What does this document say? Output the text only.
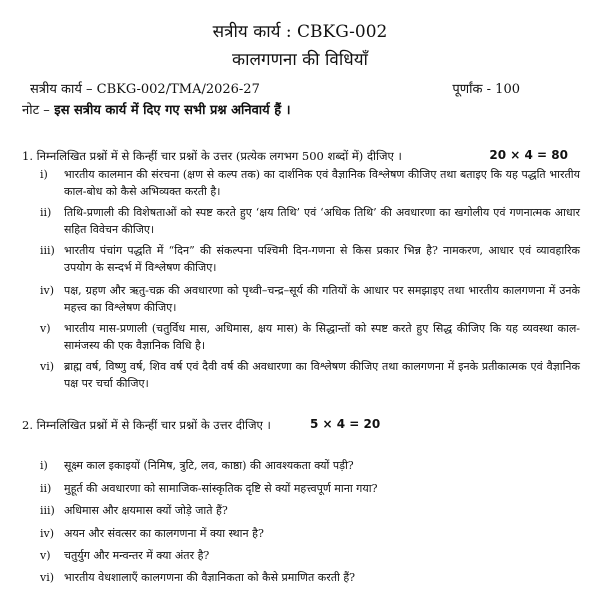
सत्रीय कार्य : CBKG-002
कालगणना की विधियाँ
सत्रीय कार्य – CBKG-002/TMA/2026-27	पूर्णांक - 100
नोट – इस सत्रीय कार्य में दिए गए सभी प्रश्न अनिवार्य हैं ।
1. निम्नलिखित प्रश्नों में से किन्हीं चार प्रश्नों के उत्तर (प्रत्येक लगभग 500 शब्दों में) दीजिए ।	20 × 4 = 80
i)	भारतीय कालमान की संरचना (क्षण से कल्प तक) का दार्शनिक एवं वैज्ञानिक विश्लेषण कीजिए तथा बताइए कि यह पद्धति भारतीय काल-बोध को कैसे अभिव्यक्त करती है।
ii)	तिथि-प्रणाली की विशेषताओं को स्पष्ट करते हुए ‘क्षय तिथि’ एवं ‘अधिक तिथि’ की अवधारणा का खगोलीय एवं गणनात्मक आधार सहित विवेचन कीजिए।
iii) भारतीय पंचांग पद्धति में “दिन” की संकल्पना पश्चिमी दिन-गणना से किस प्रकार भिन्न है? नामकरण, आधार एवं व्यावहारिक उपयोग के सन्दर्भ में विश्लेषण कीजिए।
iv) पक्ष, ग्रहण और ऋतु-चक्र की अवधारणा को पृथ्वी–चन्द्र–सूर्य की गतियों के आधार पर समझाइए तथा भारतीय कालगणना में उनके महत्त्व का विश्लेषण कीजिए।
v)	भारतीय मास-प्रणाली (चतुर्विध मास, अधिमास, क्षय मास) के सिद्धान्तों को स्पष्ट करते हुए सिद्ध कीजिए कि यह व्यवस्था काल-सामंजस्य की एक वैज्ञानिक विधि है।
vi) ब्राह्म वर्ष, विष्णु वर्ष, शिव वर्ष एवं दैवी वर्ष की अवधारणा का विश्लेषण कीजिए तथा कालगणना में इनके प्रतीकात्मक एवं वैज्ञानिक पक्ष पर चर्चा कीजिए।
2. निम्नलिखित प्रश्नों में से किन्हीं चार प्रश्नों के उत्तर दीजिए ।	5 × 4 = 20
i)	सूक्ष्म काल इकाइयों (निमिष, त्रुटि, लव, काष्ठा) की आवश्यकता क्यों पड़ी?
ii)	मुहूर्त की अवधारणा को सामाजिक-सांस्कृतिक दृष्टि से क्यों महत्त्वपूर्ण माना गया?
iii) अधिमास और क्षयमास क्यों जोड़े जाते हैं?
iv) अयन और संवत्सर का कालगणना में क्या स्थान है?
v)	चतुर्युग और मन्वन्तर में क्या अंतर है?
vi) भारतीय वेधशालाएँ कालगणना की वैज्ञानिकता को कैसे प्रमाणित करती हैं?
